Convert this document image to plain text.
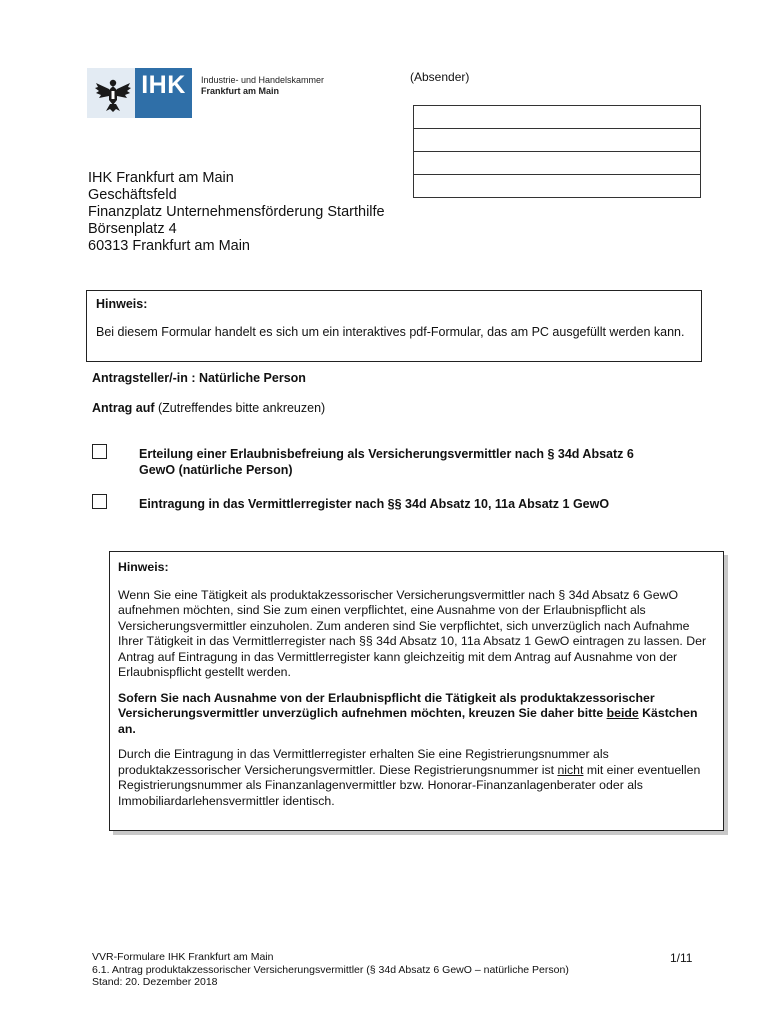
IHK	Industrie- und Handelskammer
Frankfurt am Main
(Absender)
IHK Frankfurt am Main
Geschäftsfeld
Finanzplatz Unternehmensförderung Starthilfe
Börsenplatz 4
60313 Frankfurt am Main
Hinweis:
Bei diesem Formular handelt es sich um ein interaktives pdf-Formular, das am PC ausgefüllt werden kann.
Antragsteller/-in : Natürliche Person
Antrag auf (Zutreffendes bitte ankreuzen)
Erteilung einer Erlaubnisbefreiung als Versicherungsvermittler nach § 34d Absatz 6 GewO (natürliche Person)
Eintragung in das Vermittlerregister nach §§ 34d Absatz 10, 11a Absatz 1 GewO
Hinweis:

Wenn Sie eine Tätigkeit als produktakzessorischer Versicherungsvermittler nach § 34d Absatz 6 GewO aufnehmen möchten, sind Sie zum einen verpflichtet, eine Ausnahme von der Erlaubnispflicht als Versicherungsvermittler einzuholen. Zum anderen sind Sie verpflichtet, sich unverzüglich nach Aufnahme Ihrer Tätigkeit in das Vermittlerregister nach §§ 34d Absatz 10, 11a Absatz 1 GewO eintragen zu lassen. Der Antrag auf Eintragung in das Vermittlerregister kann gleichzeitig mit dem Antrag auf Ausnahme von der Erlaubnispflicht gestellt werden.

Sofern Sie nach Ausnahme von der Erlaubnispflicht die Tätigkeit als produktakzessorischer Versicherungsvermittler unverzüglich aufnehmen möchten, kreuzen Sie daher bitte beide Kästchen an.

Durch die Eintragung in das Vermittlerregister erhalten Sie eine Registrierungsnummer als produktakzessorischer Versicherungsvermittler. Diese Registrierungsnummer ist nicht mit einer eventuellen Registrierungsnummer als Finanzanlagenvermittler bzw. Honorar-Finanzanlagenberater oder als Immobiliardarlehensvermittler identisch.

VVR-Formulare IHK Frankfurt am Main
6.1. Antrag produktakzessorischer Versicherungsvermittler (§ 34d Absatz 6 GewO – natürliche Person)
Stand: 20. Dezember 2018
1/11
